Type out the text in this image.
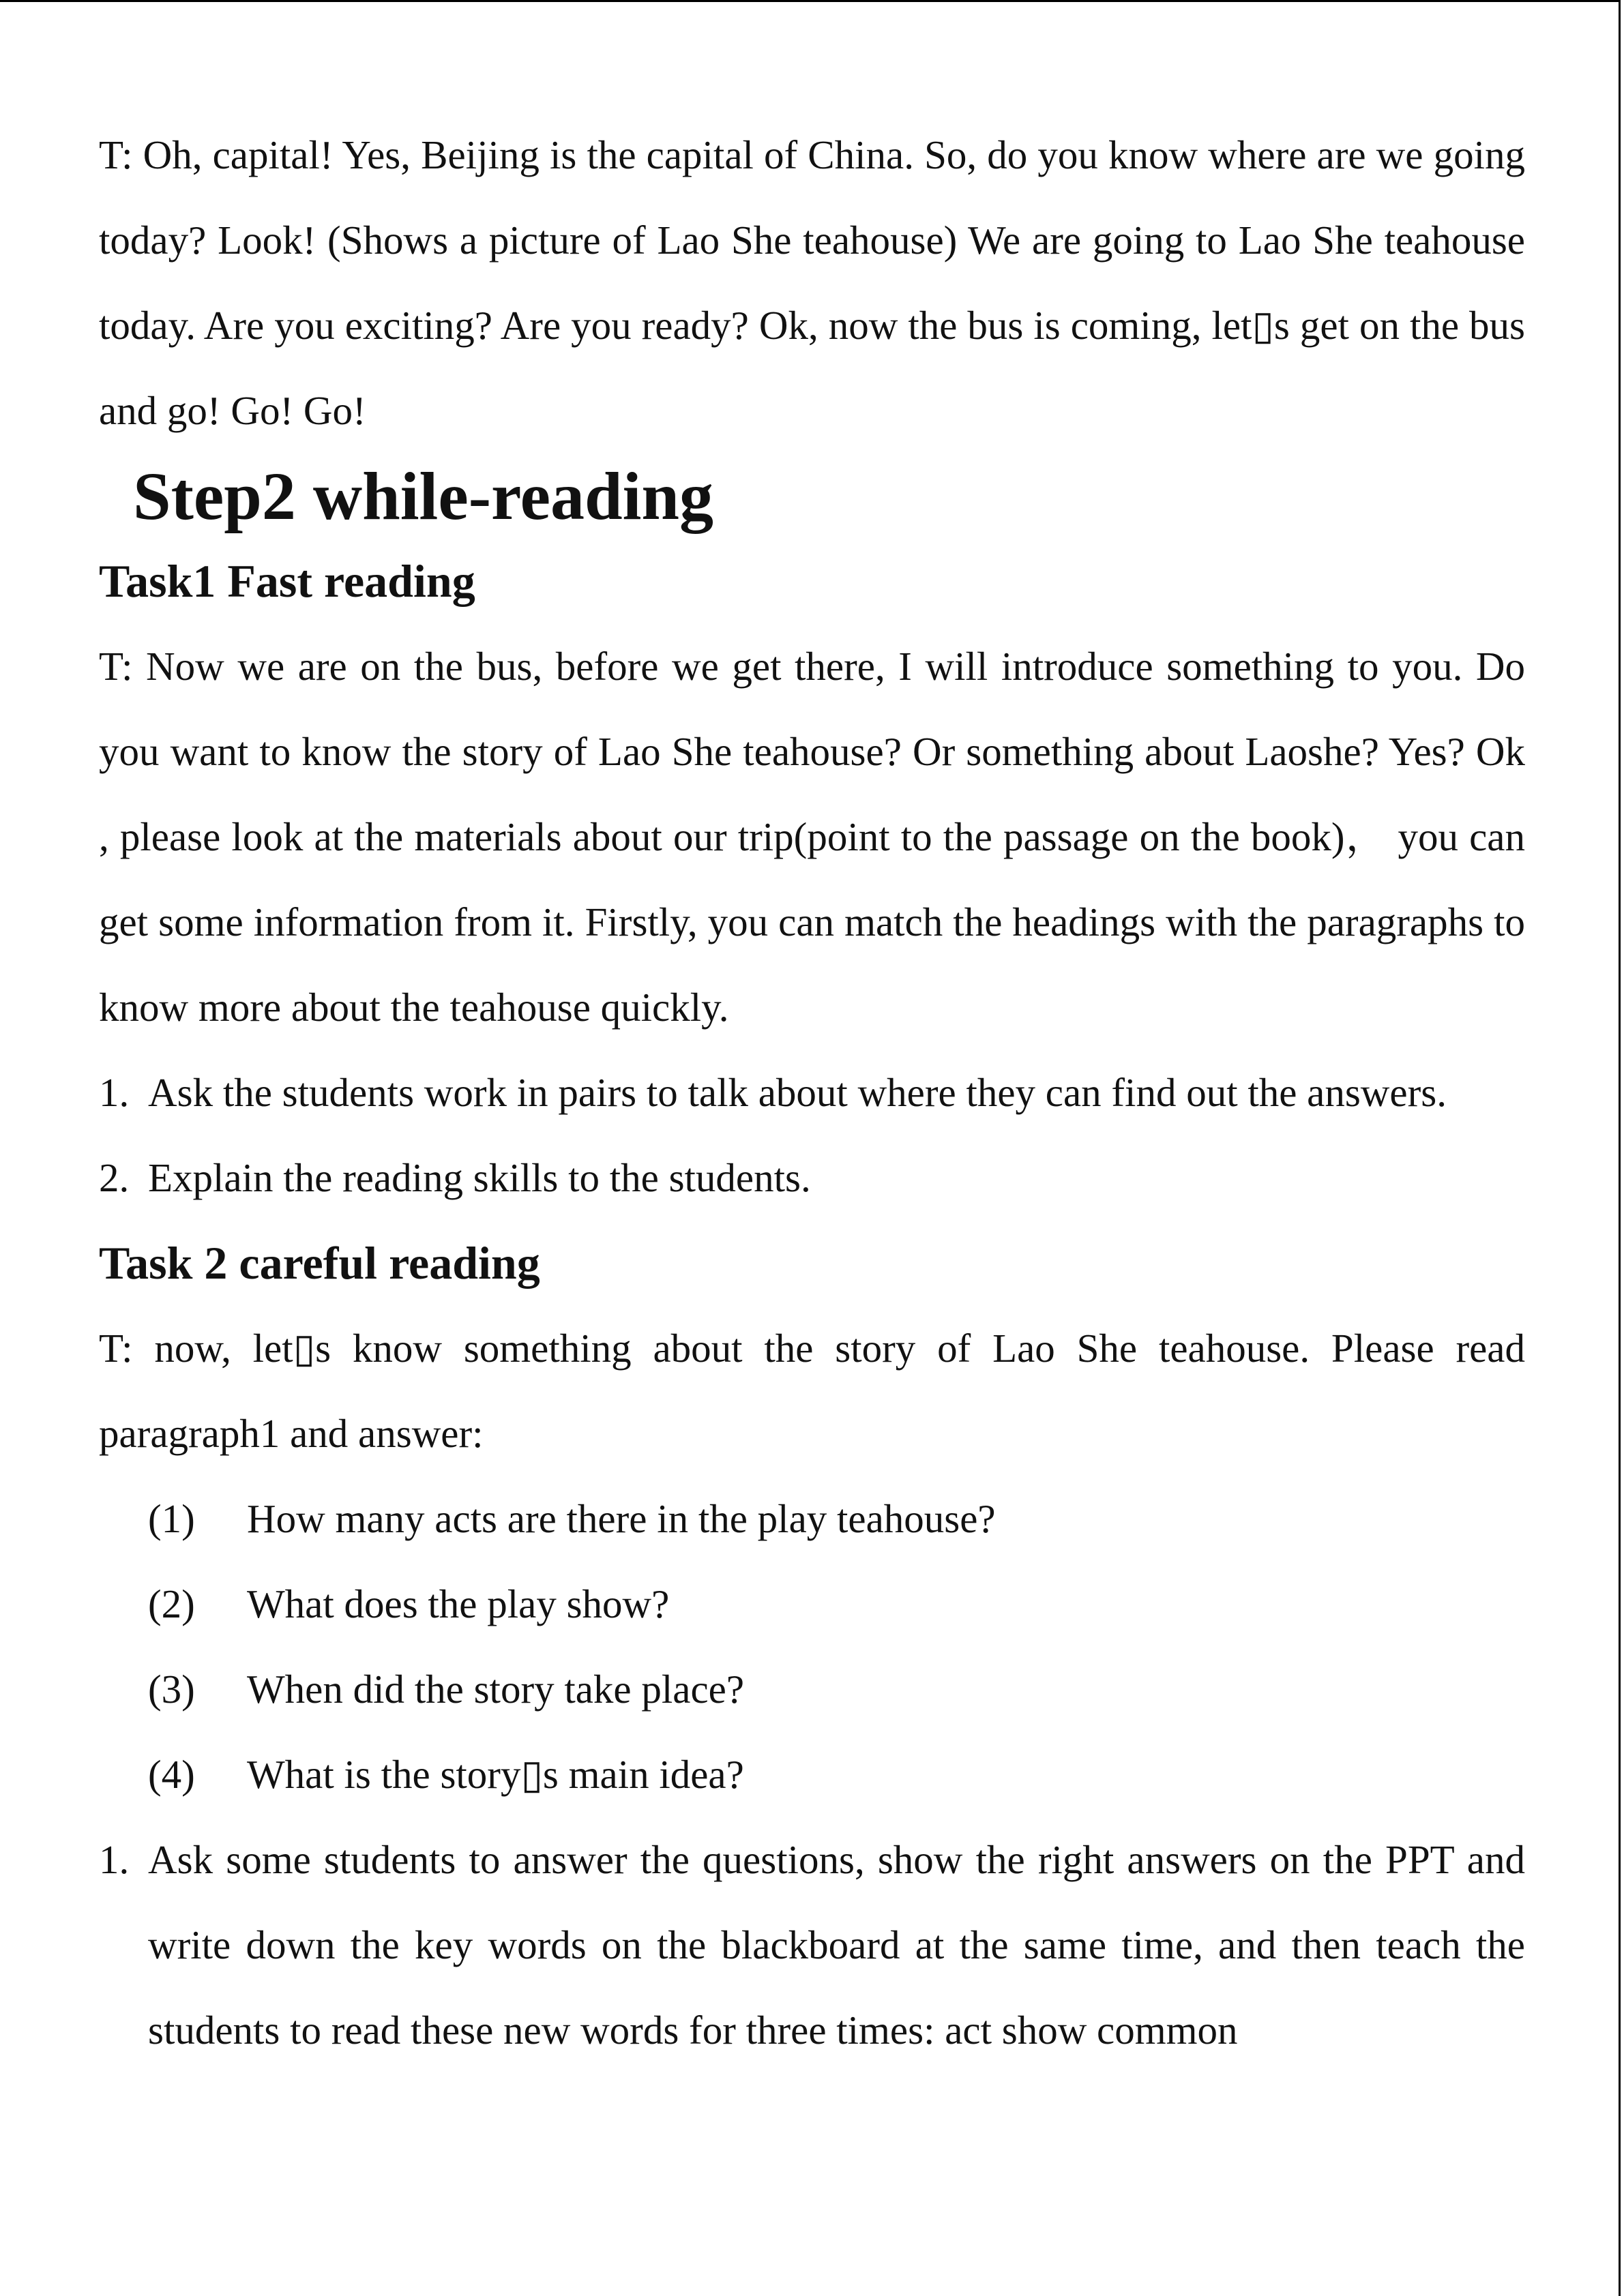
T: Oh, capital! Yes, Beijing is the capital of China. So, do you know where are we going today? Look! (Shows a picture of Lao She teahouse) We are going to Lao She teahouse today. Are you exciting? Are you ready? Ok, now the bus is coming, let▯s get on the bus and go! Go! Go!

Step2 while-reading
Task1 Fast reading

T: Now we are on the bus, before we get there, I will introduce something to you. Do you want to know the story of Lao She teahouse? Or something about Laoshe? Yes? Ok , please look at the materials about our trip(point to the passage on the book)， you can get some information from it. Firstly, you can match the headings with the paragraphs to know more about the teahouse quickly.

1. Ask the students work in pairs to talk about where they can find out the answers.
2. Explain the reading skills to the students.
Task 2 careful reading

T: now, let▯s know something about the story of Lao She teahouse. Please read paragraph1 and answer:

(1)	How many acts are there in the play teahouse?
(2)	What does the play show?
(3)	When did the story take place?
(4)	What is the story▯s main idea?
1. Ask some students to answer the questions, show the right answers on the PPT and write down the key words on the blackboard at the same time, and then teach the students to read these new words for three times: act show common
